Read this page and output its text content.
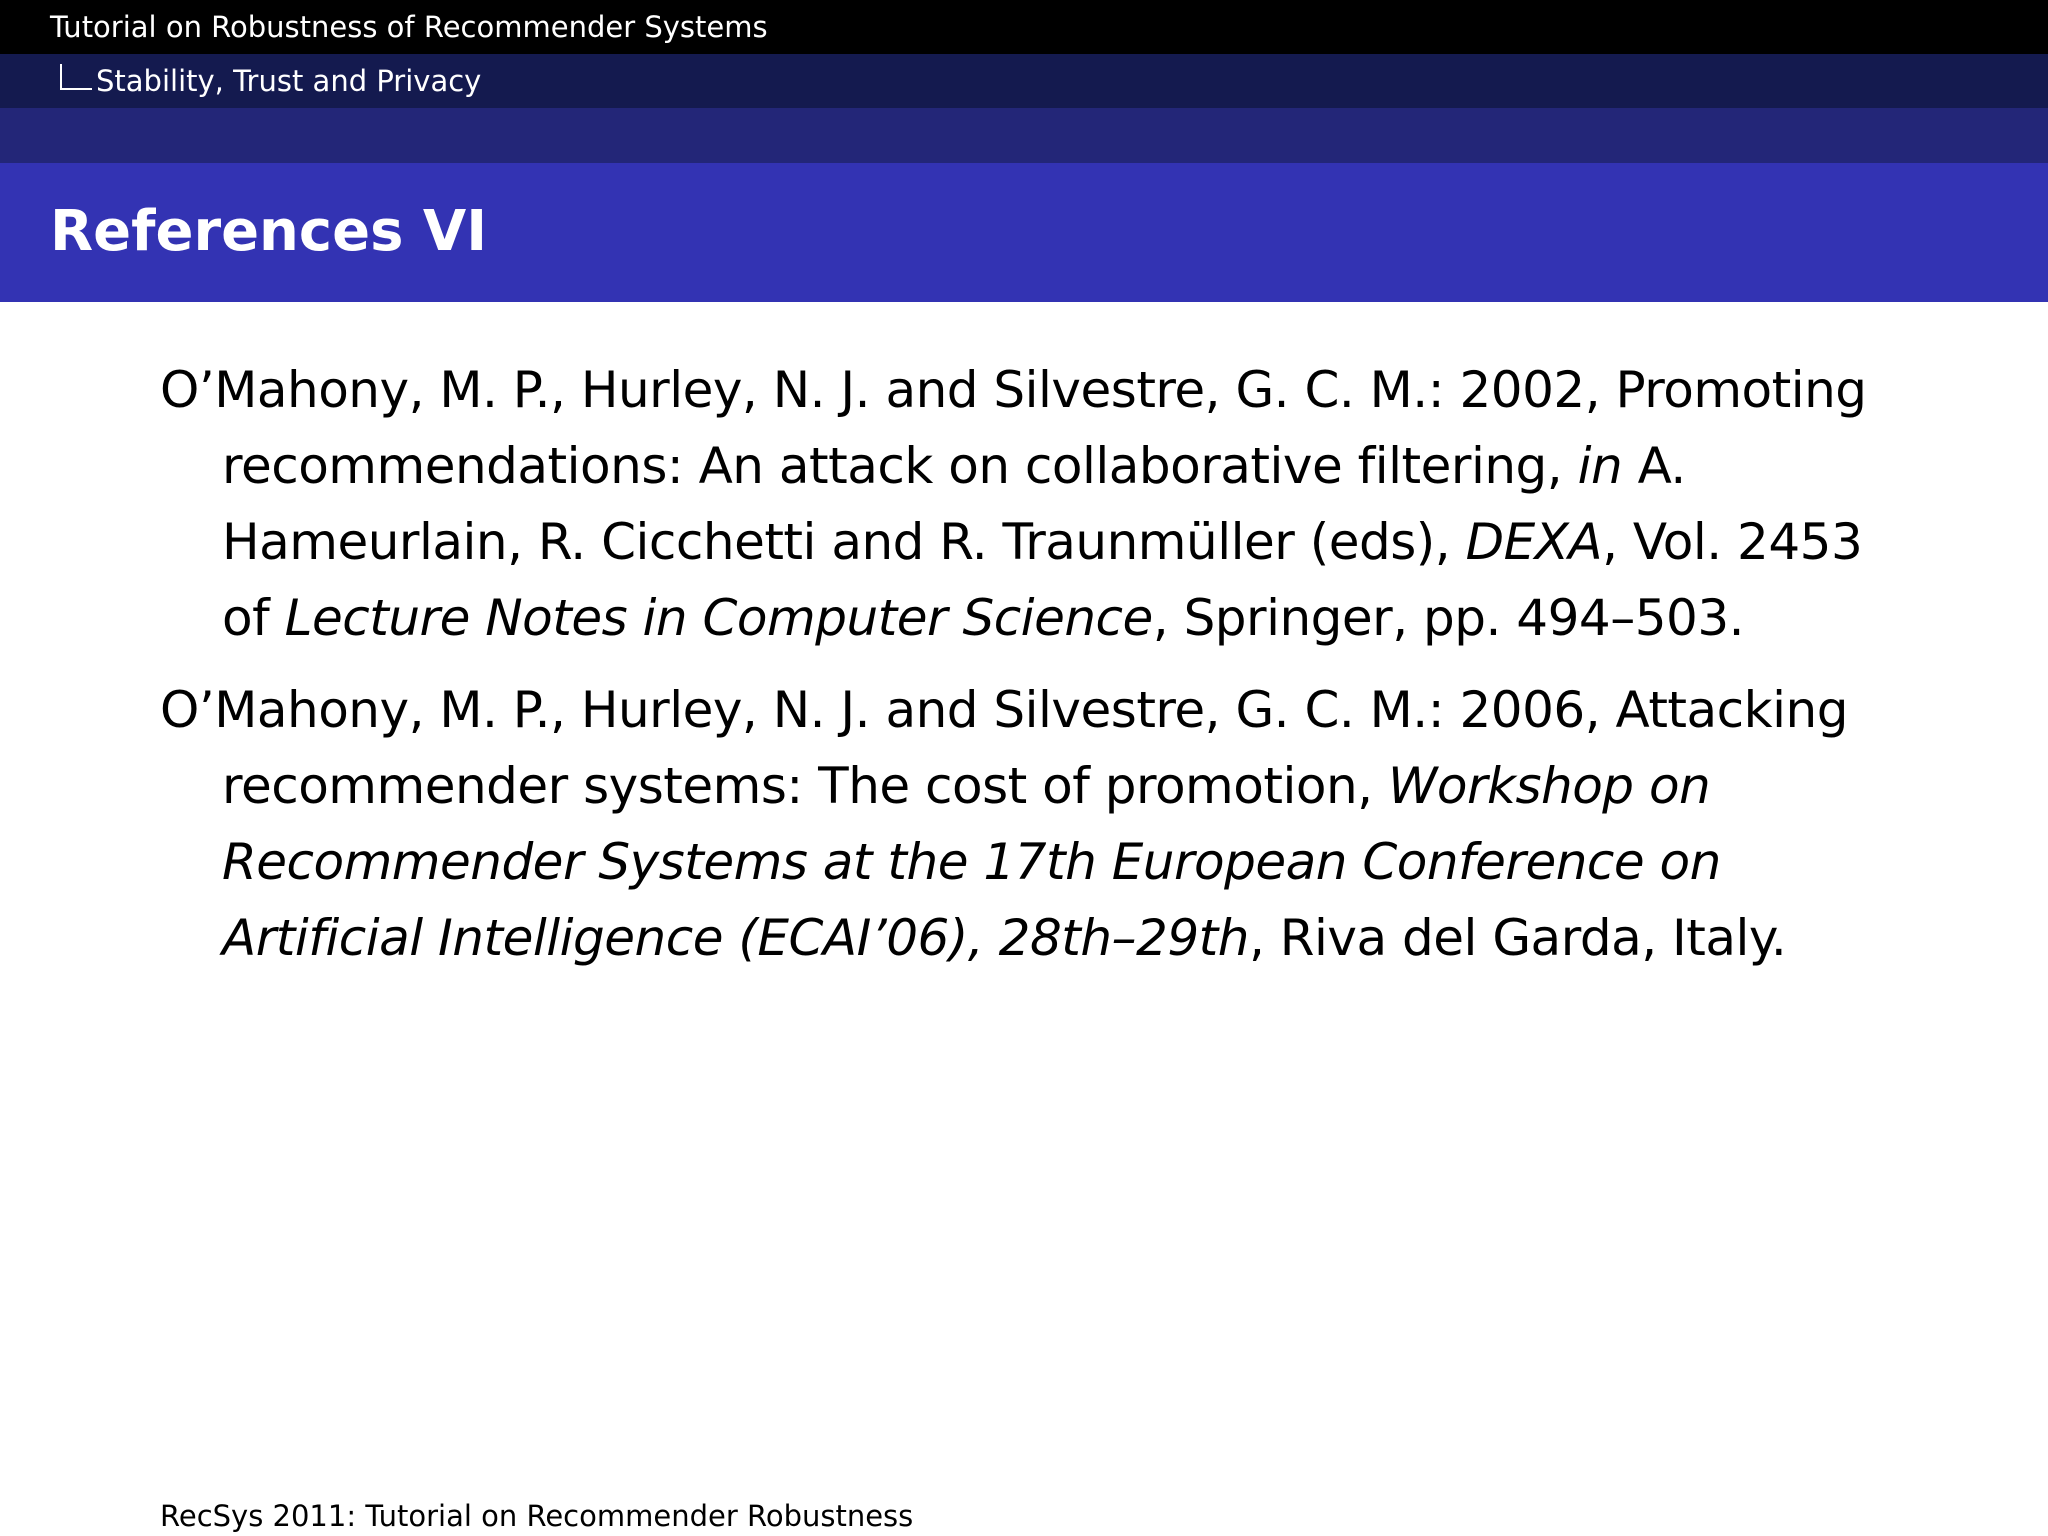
Tutorial on Robustness of Recommender Systems
Stability, Trust and Privacy
References VI
O’Mahony, M. P., Hurley, N. J. and Silvestre, G. C. M.: 2002, Promoting recommendations: An attack on collaborative filtering, in A. Hameurlain, R. Cicchetti and R. Traunmüller (eds), DEXA, Vol. 2453 of Lecture Notes in Computer Science, Springer, pp. 494–503.
O’Mahony, M. P., Hurley, N. J. and Silvestre, G. C. M.: 2006, Attacking recommender systems: The cost of promotion, Workshop on Recommender Systems at the 17th European Conference on Artificial Intelligence (ECAI’06), 28th–29th, Riva del Garda, Italy.
RecSys 2011: Tutorial on Recommender Robustness
